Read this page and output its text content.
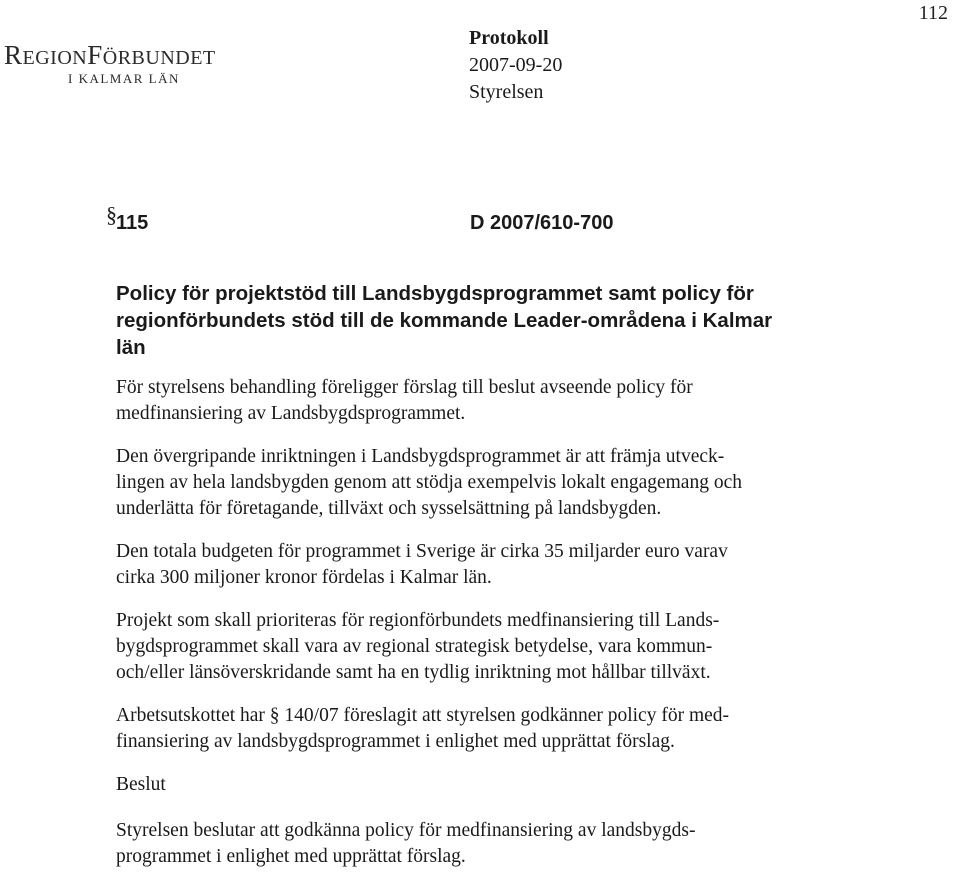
112
REGIONFÖRBUNDET
I KALMAR LÄN
Protokoll
2007-09-20
Styrelsen
§ 115	D 2007/610-700
Policy för projektstöd till Landsbygdsprogrammet samt policy för
regionförbundets stöd till de kommande Leader-områdena i Kalmar
län

För styrelsens behandling föreligger förslag till beslut avseende policy för
medfinansiering av Landsbygdsprogrammet.

Den övergripande inriktningen i Landsbygdsprogrammet är att främja utveck-
lingen av hela landsbygden genom att stödja exempelvis lokalt engagemang och
underlätta för företagande, tillväxt och sysselsättning på landsbygden.

Den totala budgeten för programmet i Sverige är cirka 35 miljarder euro varav
cirka 300 miljoner kronor fördelas i Kalmar län.

Projekt som skall prioriteras för regionförbundets medfinansiering till Lands-
bygdsprogrammet skall vara av regional strategisk betydelse, vara kommun-
och/eller länsöverskridande samt ha en tydlig inriktning mot hållbar tillväxt.

Arbetsutskottet har § 140/07 föreslagit att styrelsen godkänner policy för med-
finansiering av landsbygdsprogrammet i enlighet med upprättat förslag.

Beslut

Styrelsen beslutar att godkänna policy för medfinansiering av landsbygds-
programmet i enlighet med upprättat förslag.
